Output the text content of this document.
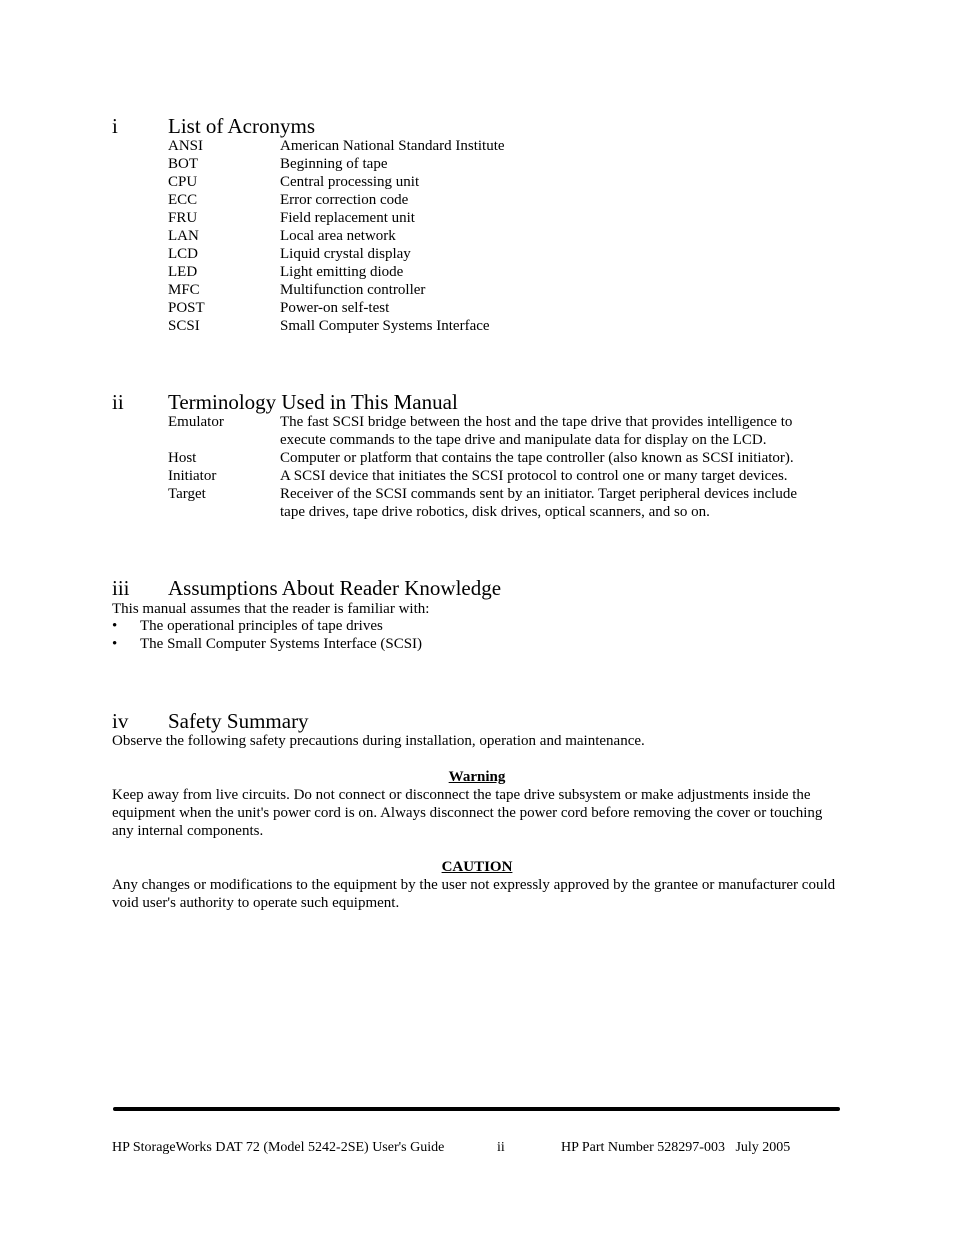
i List of Acronyms
ANSI	American National Standard Institute
BOT	Beginning of tape
CPU	Central processing unit
ECC	Error correction code
FRU	Field replacement unit
LAN	Local area network
LCD	Liquid crystal display
LED	Light emitting diode
MFC	Multifunction controller
POST	Power-on self-test
SCSI	Small Computer Systems Interface
ii Terminology Used in This Manual
Emulator	The fast SCSI bridge between the host and the tape drive that provides intelligence to execute commands to the tape drive and manipulate data for display on the LCD.
Host	Computer or platform that contains the tape controller (also known as SCSI initiator).
Initiator	A SCSI device that initiates the SCSI protocol to control one or many target devices.
Target	Receiver of the SCSI commands sent by an initiator. Target peripheral devices include tape drives, tape drive robotics, disk drives, optical scanners, and so on.
iii Assumptions About Reader Knowledge
This manual assumes that the reader is familiar with:
•	The operational principles of tape drives
•	The Small Computer Systems Interface (SCSI)
iv Safety Summary
Observe the following safety precautions during installation, operation and maintenance.
Warning
Keep away from live circuits. Do not connect or disconnect the tape drive subsystem or make adjustments inside the equipment when the unit's power cord is on. Always disconnect the power cord before removing the cover or touching any internal components.
CAUTION
Any changes or modifications to the equipment by the user not expressly approved by the grantee or manufacturer could void user's authority to operate such equipment.
HP StorageWorks DAT 72 (Model 5242-2SE) User's Guide	ii	HP Part Number 528297-003   July 2005
